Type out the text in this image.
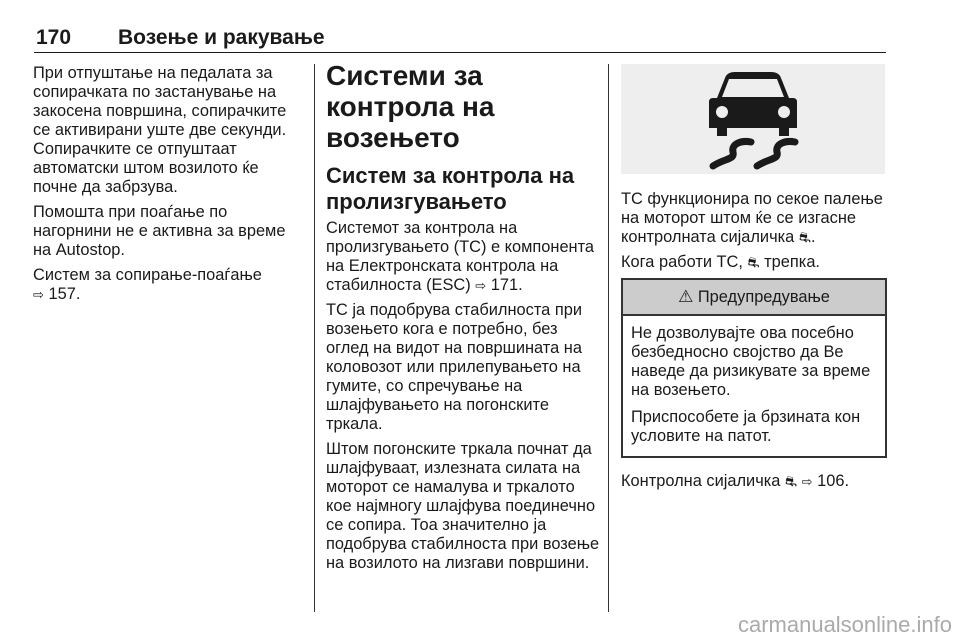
170 Возење и ракување

При отпуштање на педалата за сопирачката по застанување на закосена површина, сопирачките се активирани уште две секунди. Сопирачките се отпуштаат автоматски штом возилото ќе почне да забрзува.

Помошта при поаѓање по нагорнини не е активна за време на Autostop.

Систем за сопирање-поаѓање
⇨ 157.

Системи за контрола на возењето
Систем за контрола на пролизгувањето

Системот за контрола на пролизгувањето (TC) е компонента на Електронската контрола на стабилноста (ESC) ⇨ 171.

TC ја подобрува стабилноста при возењето кога е потребно, без оглед на видот на површината на коловозот или прилепувањето на гумите, со спречување на шлајфувањето на погонските тркала.

Штом погонските тркала почнат да шлајфуваат, излезната силата на моторот се намалува и тркалото кое најмногу шлајфува поединечно се сопира. Тоа значително ја подобрува стабилноста при возење на возилото на лизгави површини.

TC функционира по секое палење на моторот штом ќе се изгасне контролната сијаличка ⛐.

Кога работи TC, ⛐ трепка.

⚠ Предупредување

Не дозволувајте ова посебно безбедносно својство да Ве наведе да ризикувате за време на возењето.

Приспособете ја брзината кон условите на патот.

Контролна сијаличка ⛐ ⇨ 106.

carmanualsonline.info
